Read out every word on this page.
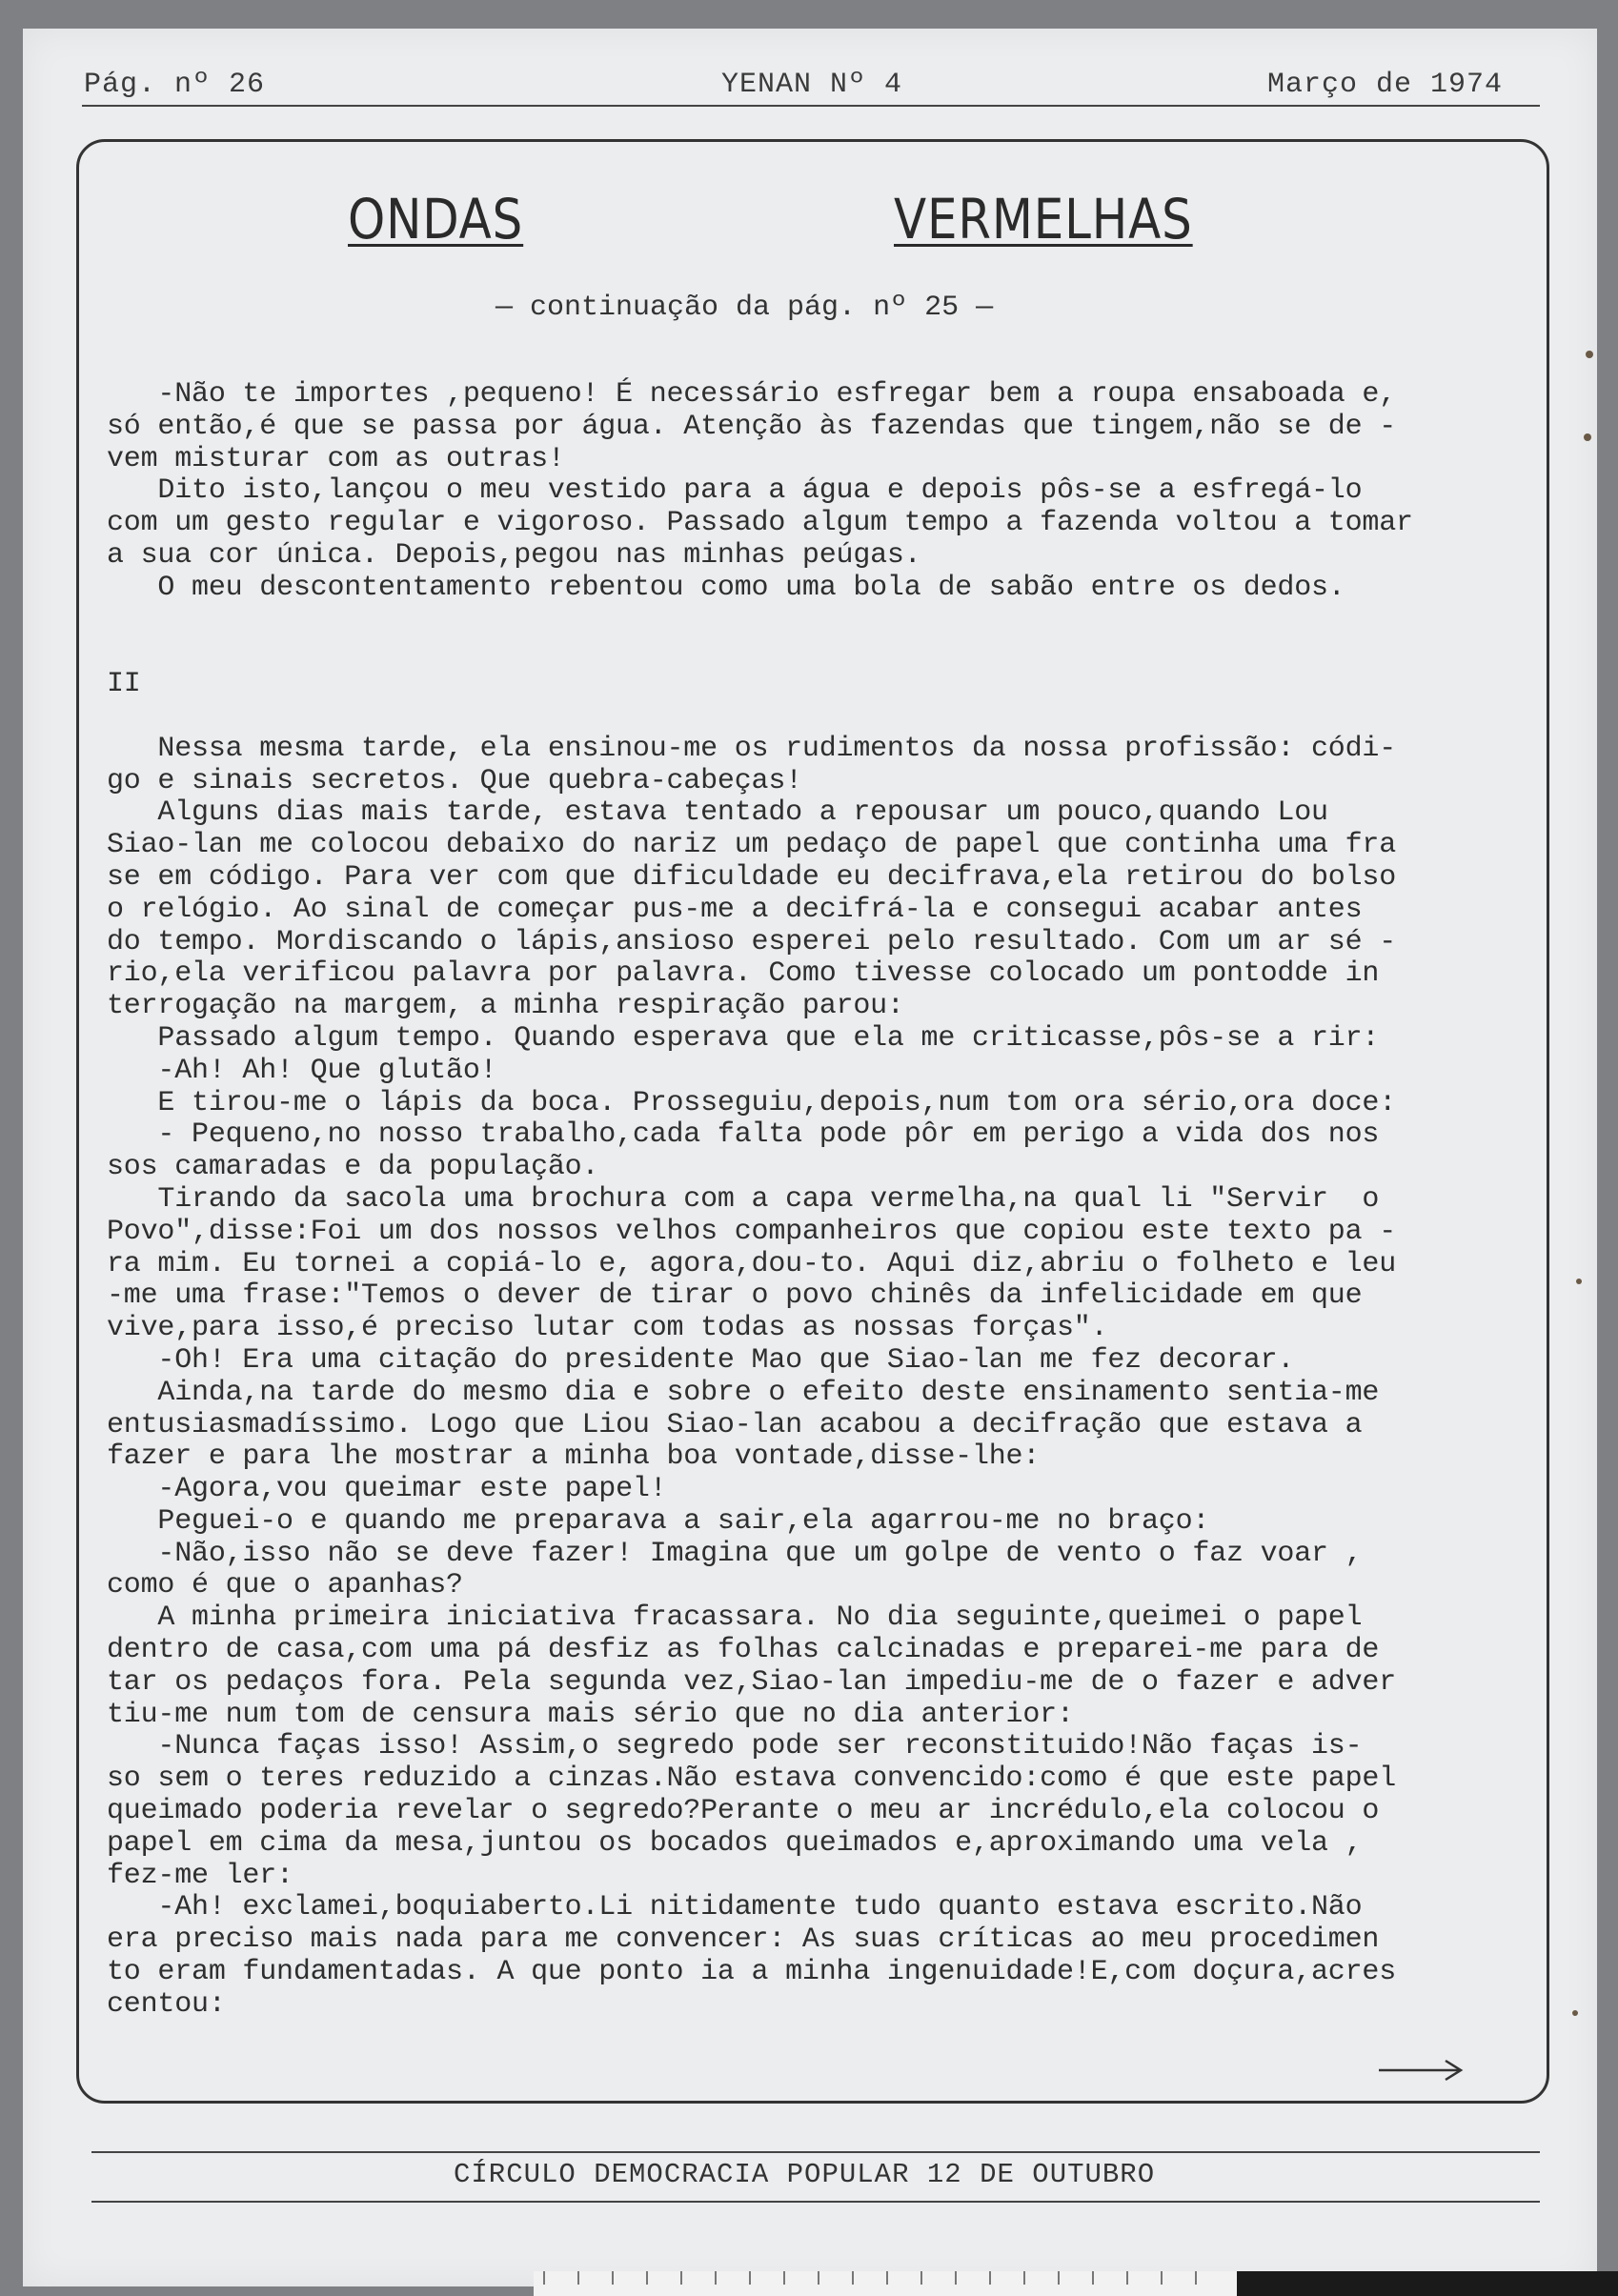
Pág. nº 26	YENAN Nº 4	Março de 1974
ONDAS	VERMELHAS
— continuação da pág. nº 25 —
-Não te importes ,pequeno! É necessário esfregar bem a roupa ensaboada e,
só então,é que se passa por água. Atenção às fazendas que tingem,não se de -
vem misturar com as outras!
Dito isto,lançou o meu vestido para a água e depois pôs-se a esfregá-lo
com um gesto regular e vigoroso. Passado algum tempo a fazenda voltou a tomar
a sua cor única. Depois,pegou nas minhas peúgas.
O meu descontentamento rebentou como uma bola de sabão entre os dedos.
II
Nessa mesma tarde, ela ensinou-me os rudimentos da nossa profissão: códi-
go e sinais secretos. Que quebra-cabeças!
Alguns dias mais tarde, estava tentado a repousar um pouco,quando Lou
Siao-lan me colocou debaixo do nariz um pedaço de papel que continha uma fra
se em código. Para ver com que dificuldade eu decifrava,ela retirou do bolso
o relógio. Ao sinal de começar pus-me a decifrá-la e consegui acabar antes
do tempo. Mordiscando o lápis,ansioso esperei pelo resultado. Com um ar sé -
rio,ela verificou palavra por palavra. Como tivesse colocado um pontodde in
terrogação na margem, a minha respiração parou:
Passado algum tempo. Quando esperava que ela me criticasse,pôs-se a rir:
-Ah! Ah! Que glutão!
E tirou-me o lápis da boca. Prosseguiu,depois,num tom ora sério,ora doce:
- Pequeno,no nosso trabalho,cada falta pode pôr em perigo a vida dos nos
sos camaradas e da população.
Tirando da sacola uma brochura com a capa vermelha,na qual li "Servir  o
Povo",disse:Foi um dos nossos velhos companheiros que copiou este texto pa -
ra mim. Eu tornei a copiá-lo e, agora,dou-to. Aqui diz,abriu o folheto e leu
-me uma frase:"Temos o dever de tirar o povo chinês da infelicidade em que
vive,para isso,é preciso lutar com todas as nossas forças".
-Oh! Era uma citação do presidente Mao que Siao-lan me fez decorar.
Ainda,na tarde do mesmo dia e sobre o efeito deste ensinamento sentia-me
entusiasmadíssimo. Logo que Liou Siao-lan acabou a decifração que estava a
fazer e para lhe mostrar a minha boa vontade,disse-lhe:
-Agora,vou queimar este papel!
Peguei-o e quando me preparava a sair,ela agarrou-me no braço:
-Não,isso não se deve fazer! Imagina que um golpe de vento o faz voar ,
como é que o apanhas?
A minha primeira iniciativa fracassara. No dia seguinte,queimei o papel
dentro de casa,com uma pá desfiz as folhas calcinadas e preparei-me para de
tar os pedaços fora. Pela segunda vez,Siao-lan impediu-me de o fazer e adver
tiu-me num tom de censura mais sério que no dia anterior:
-Nunca faças isso! Assim,o segredo pode ser reconstituido!Não faças is-
so sem o teres reduzido a cinzas.Não estava convencido:como é que este papel
queimado poderia revelar o segredo?Perante o meu ar incrédulo,ela colocou o
papel em cima da mesa,juntou os bocados queimados e,aproximando uma vela ,
fez-me ler:
-Ah! exclamei,boquiaberto.Li nitidamente tudo quanto estava escrito.Não
era preciso mais nada para me convencer: As suas críticas ao meu procedimen
to eram fundamentadas. A que ponto ia a minha ingenuidade!E,com doçura,acres
centou:
CÍRCULO DEMOCRACIA POPULAR 12 DE OUTUBRO
